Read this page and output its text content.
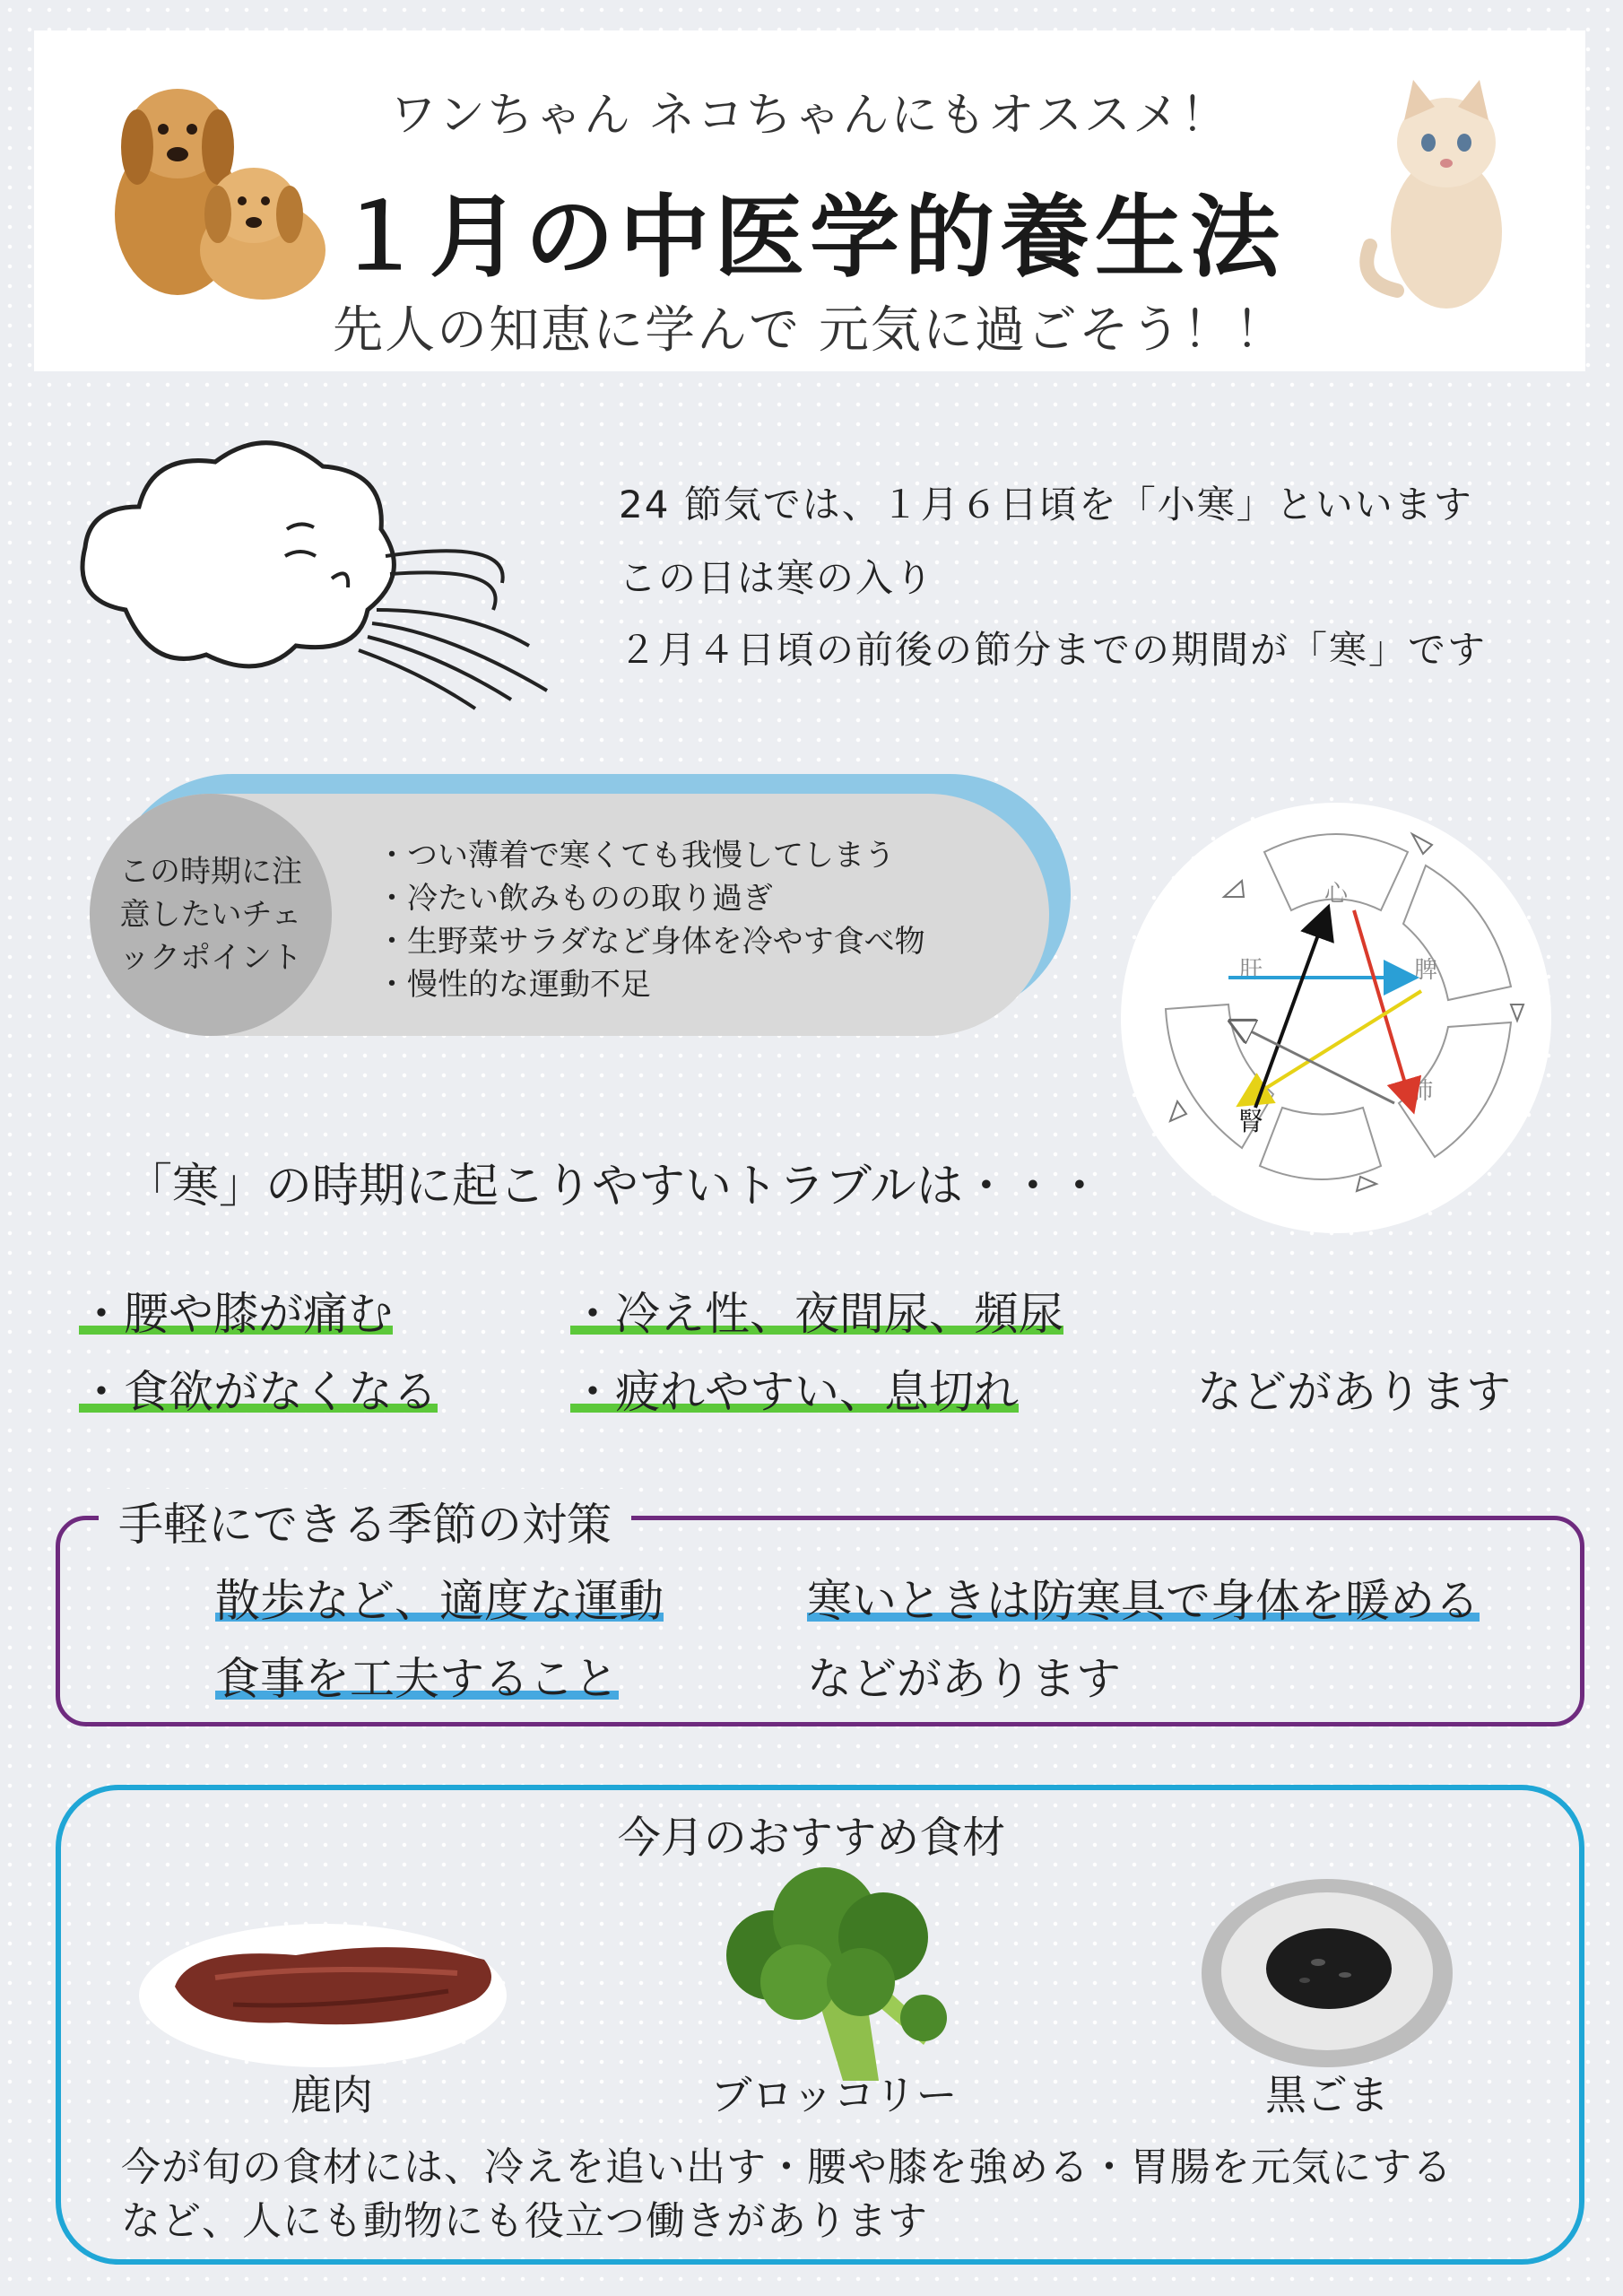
ワンちゃん ネコちゃんにもオススメ！
１月の中医学的養生法
先人の知恵に学んで 元気に過ごそう！！
24 節気では、１月６日頃を「小寒」といいます
この日は寒の入り
２月４日頃の前後の節分までの期間が「寒」です
この時期に注意したいチェックポイント
・つい薄着で寒くても我慢してしまう
・冷たい飲みものの取り過ぎ
・生野菜サラダなど身体を冷やす食べ物
・慢性的な運動不足
心
脾
肺
肝
腎
「寒」の時期に起こりやすいトラブルは・・・
・腰や膝が痛む	・冷え性、夜間尿、頻尿
・食欲がなくなる	・疲れやすい、息切れ	などがあります
手軽にできる季節の対策
散歩など、適度な運動	寒いときは防寒具で身体を暖める
食事を工夫すること	などがあります
今月のおすすめ食材
鹿肉	ブロッコリー	黒ごま
今が旬の食材には、冷えを追い出す・腰や膝を強める・胃腸を元気にする
など、人にも動物にも役立つ働きがあります
